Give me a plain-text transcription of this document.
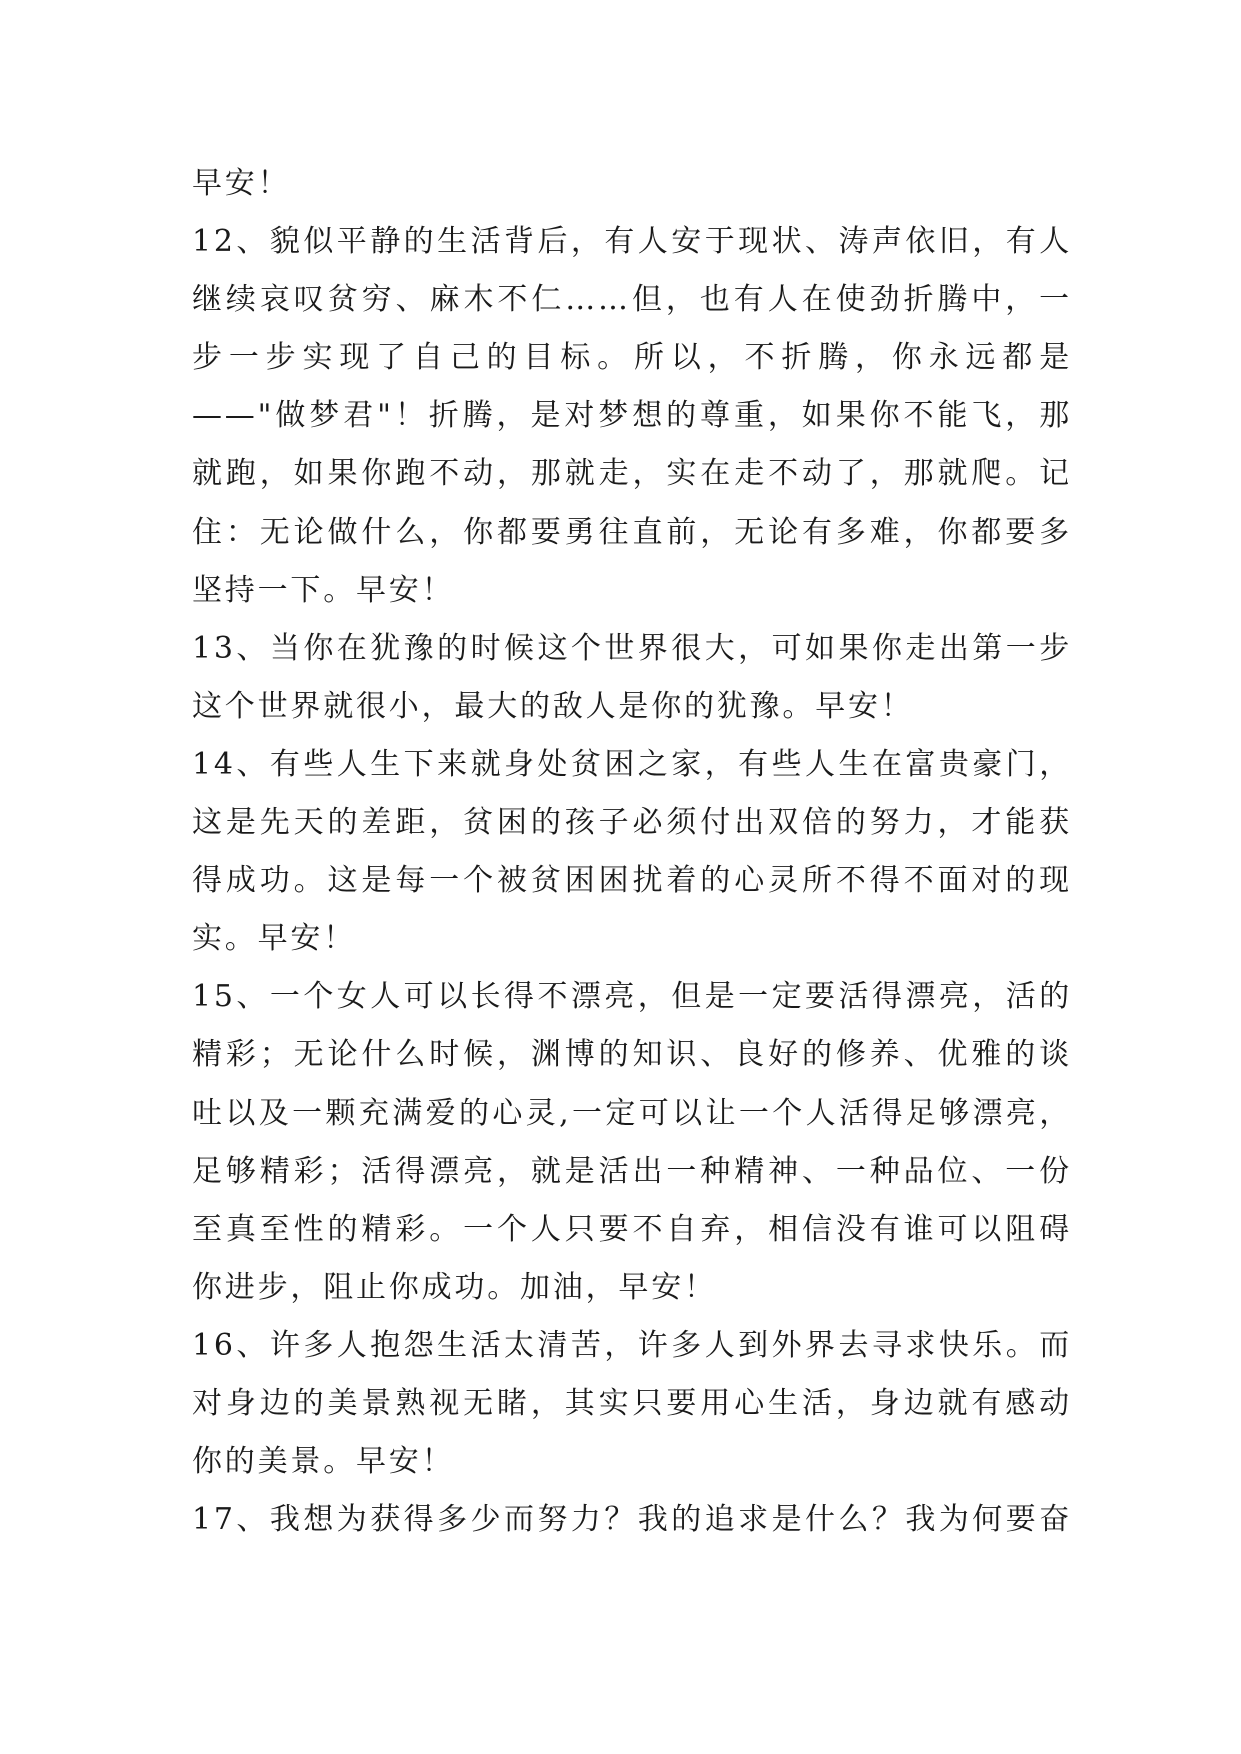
早安！
12、貌似平静的生活背后，有人安于现状、涛声依旧，有人
继续哀叹贫穷、麻木不仁……但，也有人在使劲折腾中，一
步一步实现了自己的目标。所以，不折腾，你永远都是
——"做梦君"！折腾，是对梦想的尊重，如果你不能飞，那
就跑，如果你跑不动，那就走，实在走不动了，那就爬。记
住：无论做什么，你都要勇往直前，无论有多难，你都要多
坚持一下。早安！
13、当你在犹豫的时候这个世界很大，可如果你走出第一步
这个世界就很小，最大的敌人是你的犹豫。早安！
14、有些人生下来就身处贫困之家，有些人生在富贵豪门，
这是先天的差距，贫困的孩子必须付出双倍的努力，才能获
得成功。这是每一个被贫困困扰着的心灵所不得不面对的现
实。早安！
15、一个女人可以长得不漂亮，但是一定要活得漂亮，活的
精彩；无论什么时候，渊博的知识、良好的修养、优雅的谈
吐以及一颗充满爱的心灵,一定可以让一个人活得足够漂亮，
足够精彩；活得漂亮，就是活出一种精神、一种品位、一份
至真至性的精彩。一个人只要不自弃，相信没有谁可以阻碍
你进步，阻止你成功。加油，早安！
16、许多人抱怨生活太清苦，许多人到外界去寻求快乐。而
对身边的美景熟视无睹，其实只要用心生活，身边就有感动
你的美景。早安！
17、我想为获得多少而努力？我的追求是什么？我为何要奋
